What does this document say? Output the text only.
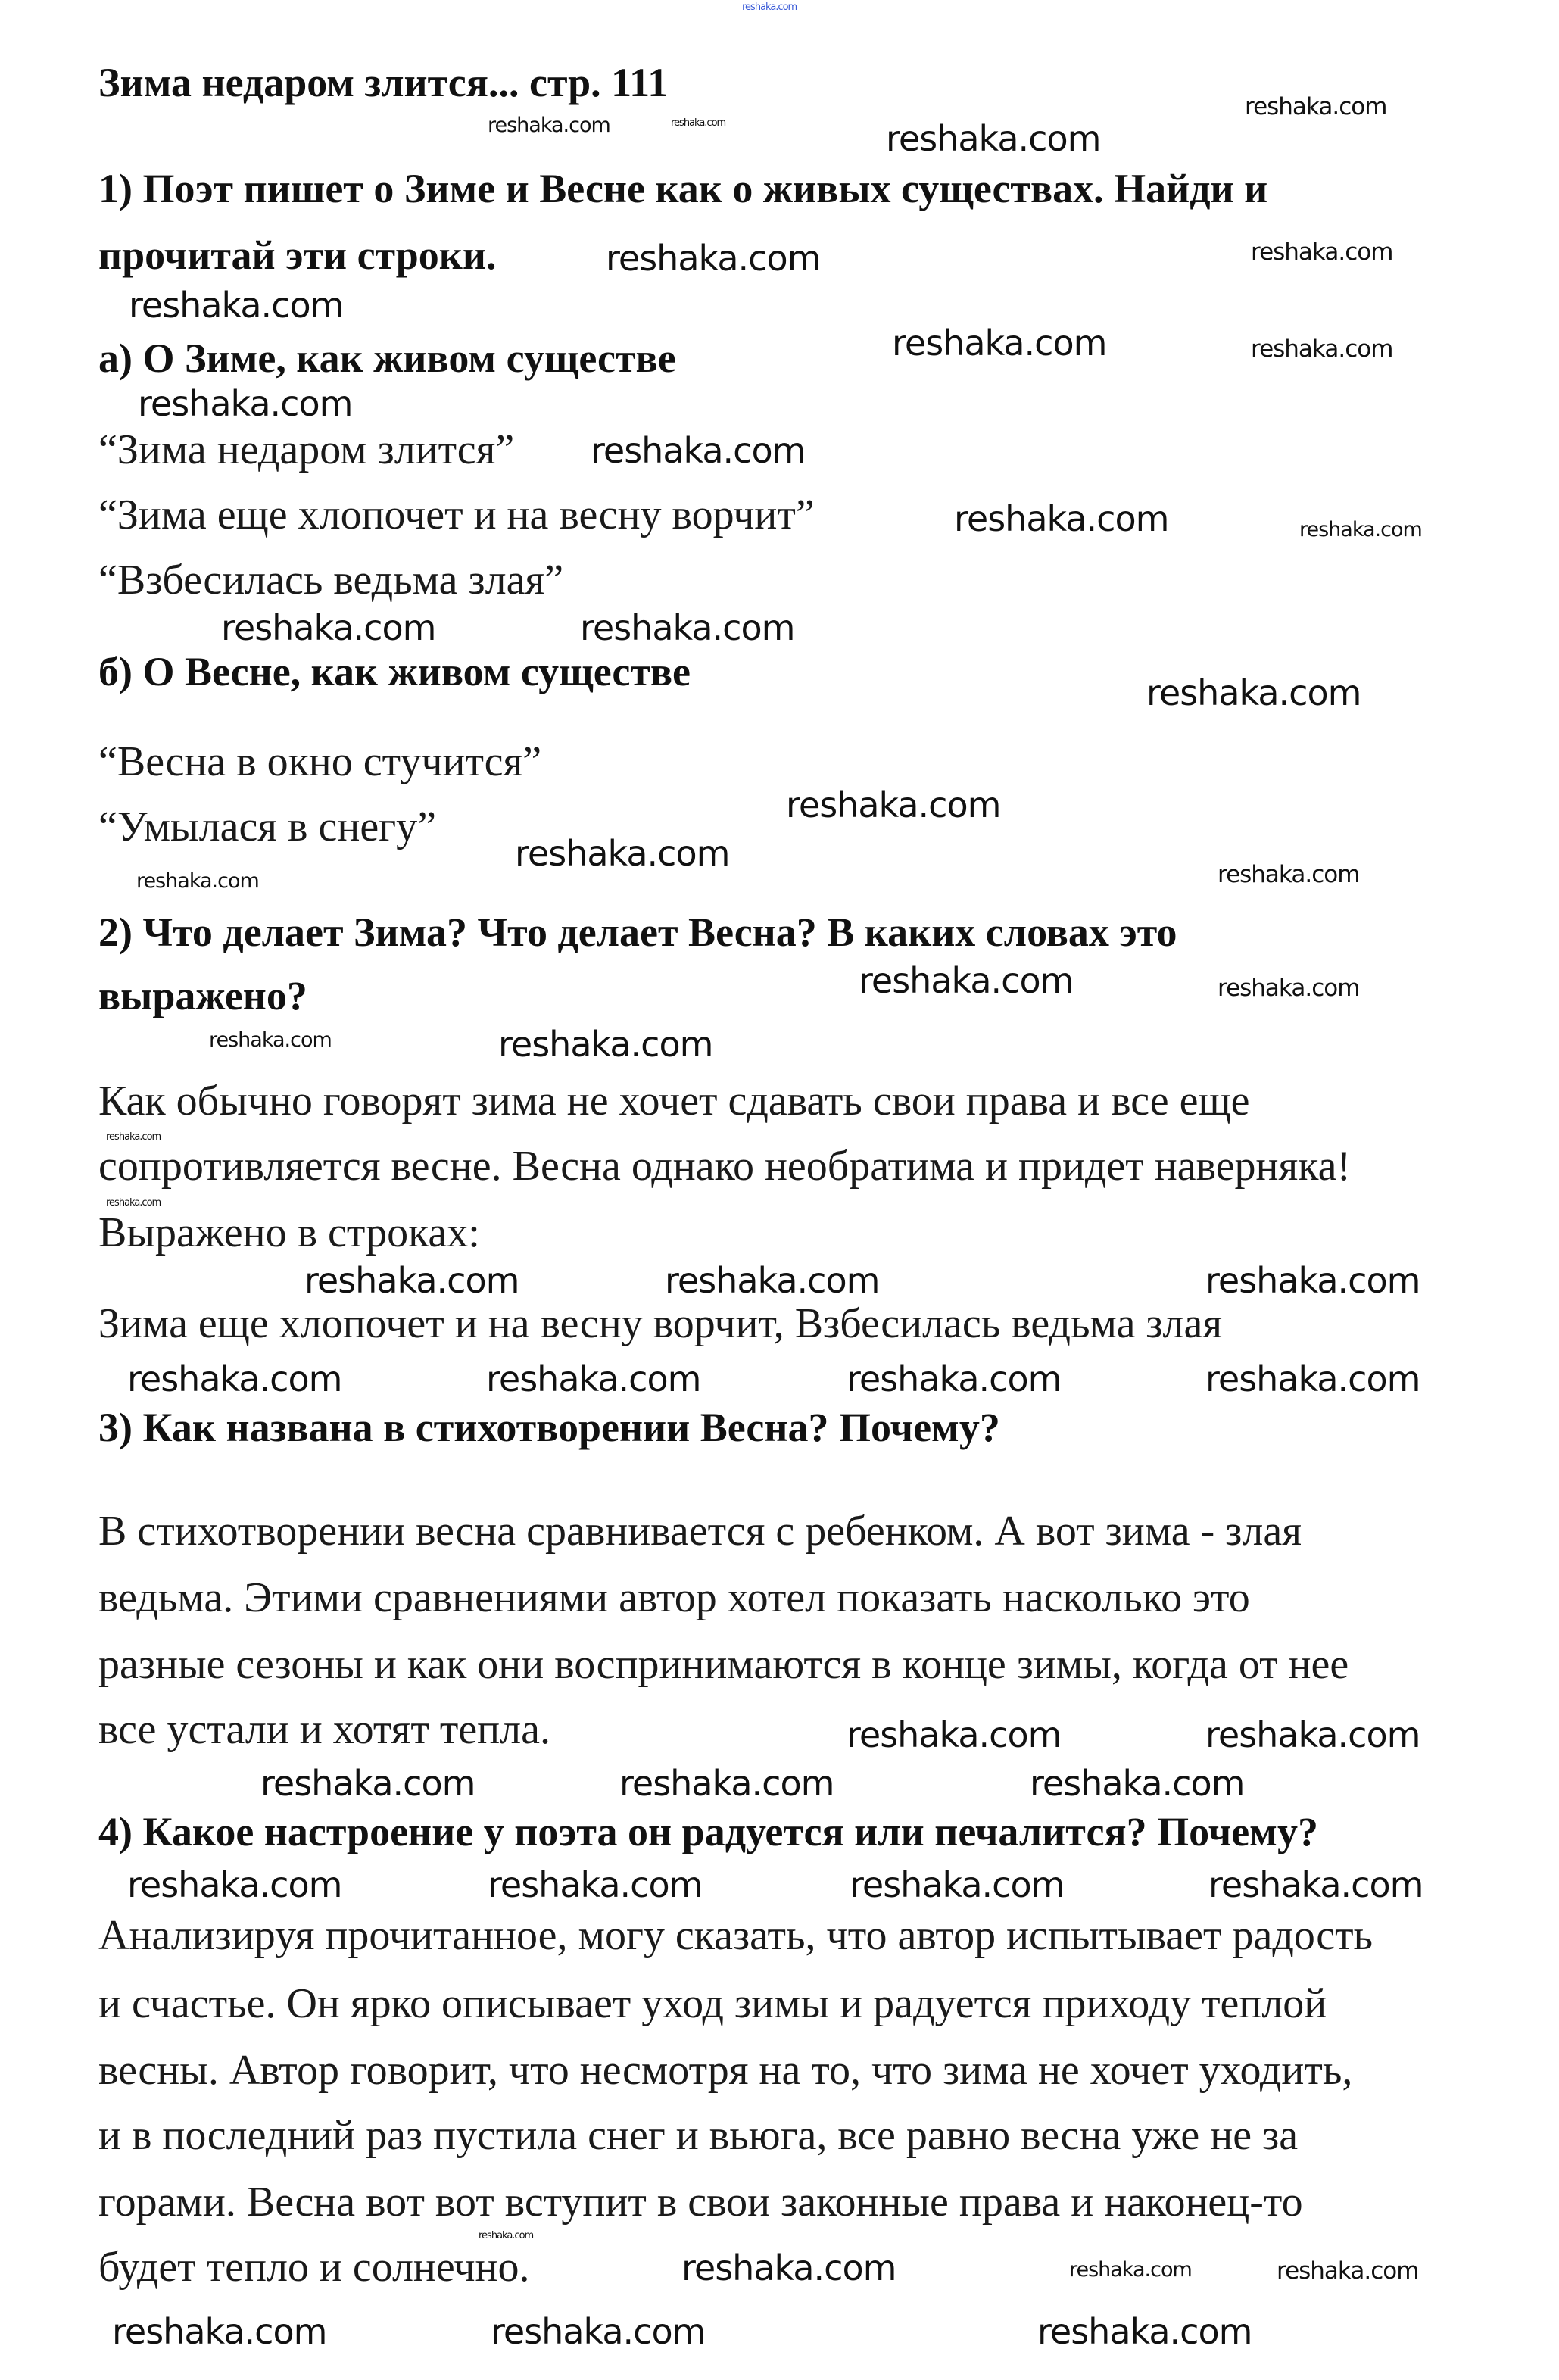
Зима недаром злится... стр. 111
1) Поэт пишет о Зиме и Весне как о живых существах. Найди и
прочитай эти строки.
а) О Зиме, как живом существе
“Зима недаром злится”
“Зима еще хлопочет и на весну ворчит”
“Взбесилась ведьма злая”
б) О Весне, как живом существе
“Весна в окно стучится”
“Умылася в снегу”
2) Что делает Зима? Что делает Весна? В каких словах это
выражено?
Как обычно говорят зима не хочет сдавать свои права и все еще
сопротивляется весне. Весна однако необратима и придет наверняка!
Выражено в строках:
Зима еще хлопочет и на весну ворчит, Взбесилась ведьма злая
3) Как названа в стихотворении Весна? Почему?
В стихотворении весна сравнивается с ребенком. А вот зима - злая
ведьма. Этими сравнениями автор хотел показать насколько это
разные сезоны и как они воспринимаются в конце зимы, когда от нее
все устали и хотят тепла.
4) Какое настроение у поэта он радуется или печалится? Почему?
Анализируя прочитанное, могу сказать, что автор испытывает радость
и счастье. Он ярко описывает уход зимы и радуется приходу теплой
весны. Автор говорит, что несмотря на то, что зима не хочет уходить,
и в последний раз пустила снег и вьюга, все равно весна уже не за
горами. Весна вот вот вступит в свои законные права и наконец-то
будет тепло и солнечно.
reshaka.com
reshaka.com	reshaka.com
reshaka.com
reshaka.com
reshaka.com
reshaka.com
reshaka.com
reshaka.com	reshaka.com
reshaka.com
reshaka.com
reshaka.com	reshaka.com
reshaka.com
reshaka.com
reshaka.com
reshaka.com
reshaka.com
reshaka.com
reshaka.com
reshaka.com	reshaka.com
reshaka.com	reshaka.com
reshaka.com
reshaka.com	reshaka.com	reshaka.com
reshaka.com
reshaka.com	reshaka.com	reshaka.com
reshaka.com
reshaka.com	reshaka.com
reshaka.com
reshaka.com	reshaka.com
reshaka.com
reshaka.com	reshaka.com	reshaka.com
reshaka.com
reshaka.com	reshaka.com
reshaka.com
reshaka.com	reshaka.com	reshaka.com
